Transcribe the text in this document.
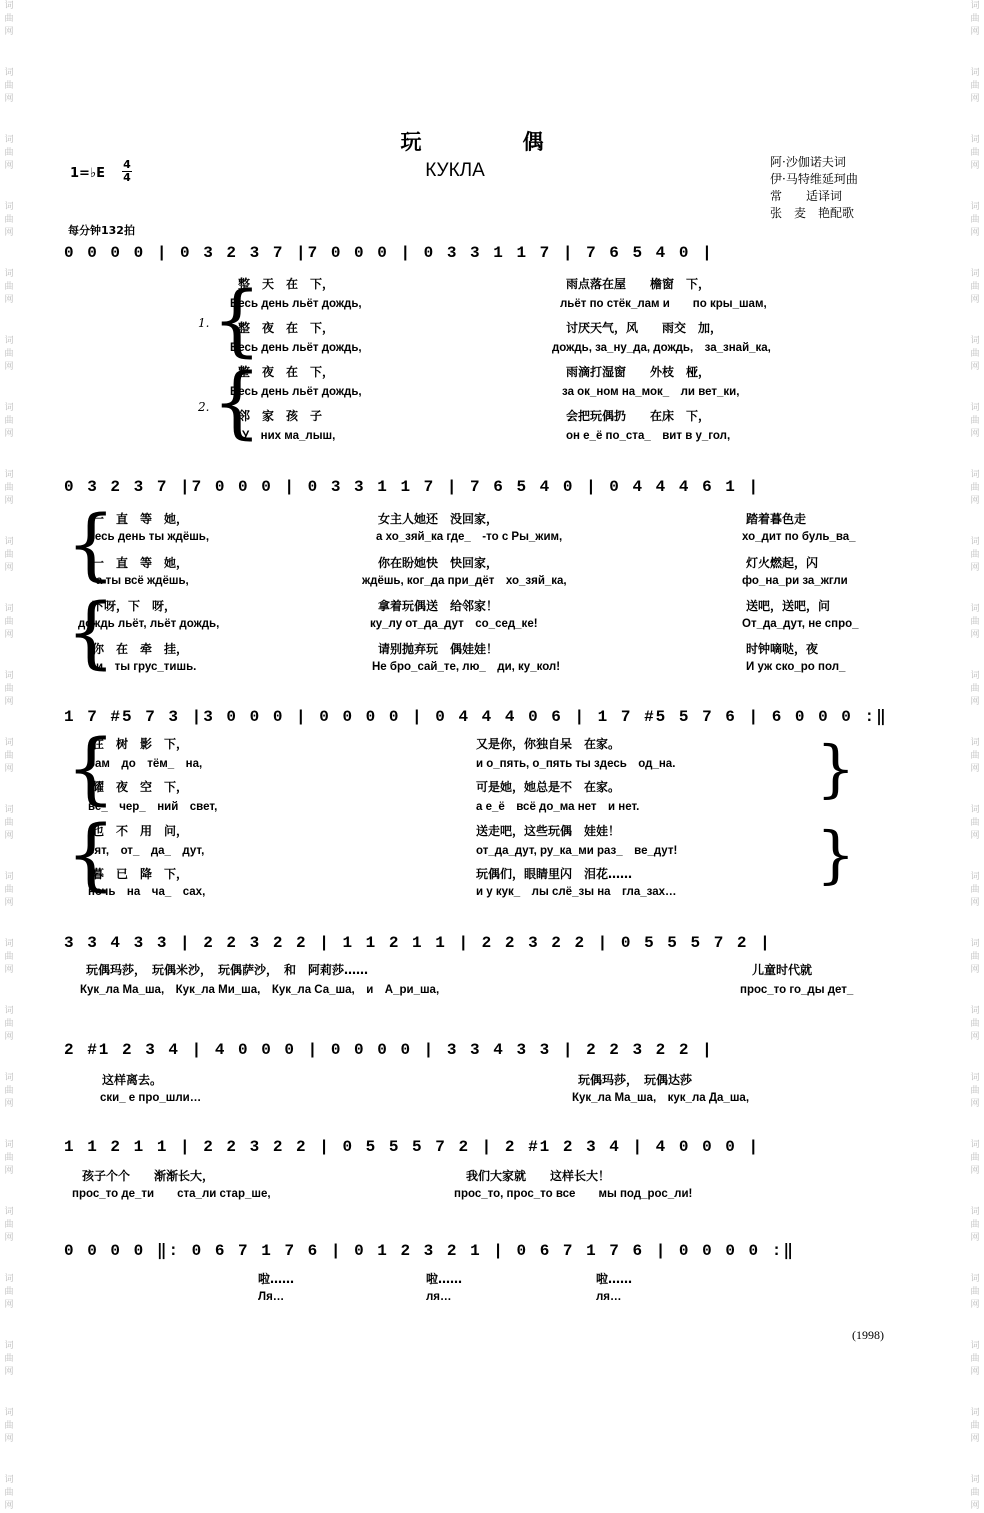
词曲网
词曲网
词曲网
词曲网
词曲网
词曲网
词曲网
词曲网
词曲网
词曲网
词曲网
词曲网
词曲网
词曲网
词曲网
词曲网
词曲网
词曲网
词曲网
词曲网
词曲网
词曲网
词曲网
词曲网
词曲网
词曲网
词曲网
词曲网
词曲网
词曲网
词曲网
词曲网
词曲网
词曲网
词曲网
词曲网
词曲网
词曲网
词曲网
词曲网
词曲网
词曲网
词曲网
词曲网
词曲网
词曲网
玩　偶
КУКЛА
1=♭E
4
4
阿·沙伽诺夫词
伊·马特维延珂曲
常　　适译词
张　麦　艳配歌
每分钟132拍
0 0 0 0 | 0 3 2 3 7 |7 0 0 0 | 0 3 3 1 1 7 | 7 6 5 4 0 |
1.
2.
{
{
整　天　在　下，	雨点落在屋　　檐窗　下，
Весь день льёт дождь,	льёт по стёк_лам и　　по кры_шам,
整　夜　在　下，	讨厌天气，风　　雨交　加，
Весь день льёт дождь,	дождь, за_ну_да, дождь,　за_знай_ка,
整　夜　在　下，	雨滴打湿窗　　外枝　桠，
Весь день льёт дождь,	за ок_ном на_мок_　ли вет_ки,
邻　家　孩　子	会把玩偶扔　　在床　下，
У　них ма_лыш,	он е_ё по_ста_　вит в у_гол,
0 3 2 3 7 |7 0 0 0 | 0 3 3 1 1 7 | 7 6 5 4 0 | 0 4 4 4 6 1 |
{
{
一　直　等　她，	女主人她还　没回家，	踏着暮色走
весь день ты ждёшь,	а хо_зяй_ка где_　-то с Ры_жим,	хо_дит по буль_ва_
一　直　等　她，	你在盼她快　快回家，	灯火燃起，闪
а ты всё ждёшь,	ждёшь, ког_да при_дёт　хо_зяй_ка,	фо_на_ри за_жгли
下呀，下　呀，	拿着玩偶送　给邻家！	送吧，送吧，问
дождь льёт, льёт дождь,	ку_лу от_да_дут　со_сед_ке!	От_да_дут, не спро_
你　在　牵　挂，	请别抛弃玩　偶娃娃！	时钟嘀哒，夜
и　ты грус_тишь.	Не бро_сай_те, лю_　ди, ку_кол!	И уж ско_ро пол_
1 7 #5 7 3 |3 0 0 0 | 0 0 0 0 | 0 4 4 4 0 6 | 1 7 #5 5 7 6 | 6 0 0 0 :‖
{
{
}
}
在　树　影　下，	又是你，你独自呆　在家。
рам　до　тём_　на,	и о_пять, о_пять ты здесь　од_на.
耀　夜　空　下，	可是她，她总是不　在家。
ве_　чер_　ний　свет,	а е_ё　всё до_ма нет　и нет.
也　不　用　问，	送走吧，这些玩偶　娃娃！
сят,　от_　да_　дут,	от_да_дут, ру_ка_ми раз_　ве_дут!
暮　已　降　下，	玩偶们，眼睛里闪　泪花……
ночь　на　ча_　сах,	и у кук_　лы слё_зы на　гла_зах…
3 3 4 3 3 | 2 2 3 2 2 | 1 1 2 1 1 | 2 2 3 2 2 | 0 5 5 5 7 2 |
玩偶玛莎，　玩偶米沙，　玩偶萨沙，　和　阿莉莎……	儿童时代就
Кук_ла Ма_ша,　Кук_ла Ми_ша,　Кук_ла Са_ша,　и　А_ри_ша,	прос_то го_ды дет_
2 #1 2 3 4 | 4 0 0 0 | 0 0 0 0 | 3 3 4 3 3 | 2 2 3 2 2 |
这样离去。	玩偶玛莎，　玩偶达莎
ски_ е про_шли…	Кук_ла Ма_ша,　кук_ла Да_ша,
1 1 2 1 1 | 2 2 3 2 2 | 0 5 5 5 7 2 | 2 #1 2 3 4 | 4 0 0 0 |
孩子个个　　渐渐长大，	我们大家就　　这样长大！
прос_то де_ти　　ста_ли стар_ше,	прос_то, прос_то все　　мы под_рос_ли!
0 0 0 0 ‖: 0 6 7 1 7 6 | 0 1 2 3 2 1 | 0 6 7 1 7 6 | 0 0 0 0 :‖
啦……	啦……	啦……
Ля…	ля…	ля…
(1998)
